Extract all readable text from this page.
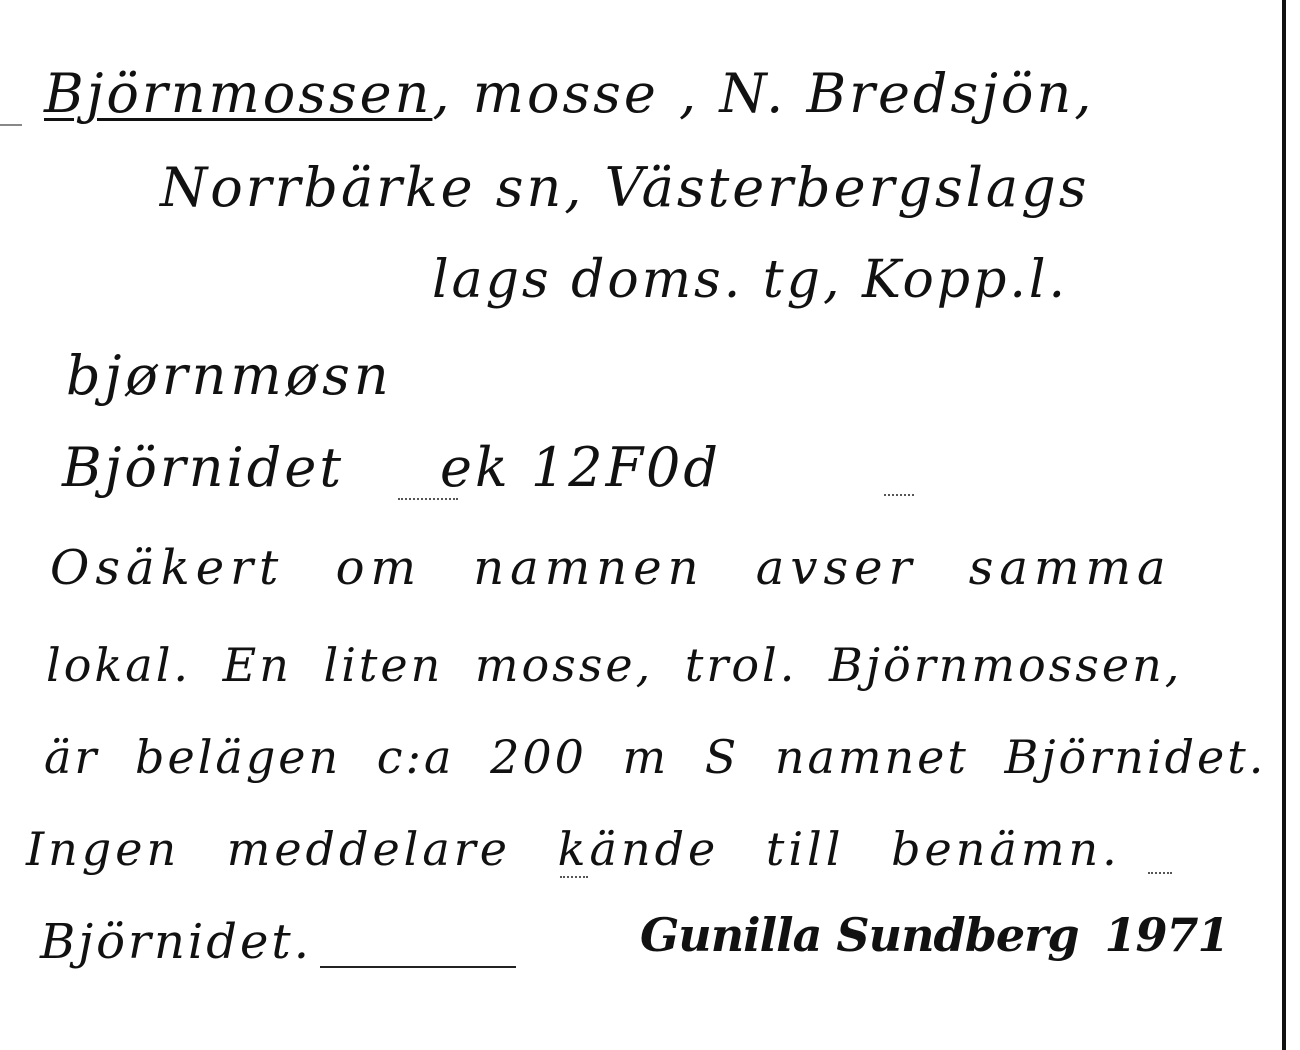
Björnmossen, mosse , N. Bredsjön,
Norrbärke sn, Västerbergslags
lags doms. tg, Kopp.l.
bjørnmøsn
Björnidet ek 12F0d
Osäkert om namnen avser samma
lokal. En liten mosse, trol. Björnmossen,
är belägen c:a 200 m S namnet Björnidet.
Ingen meddelare kände till benämn.
Björnidet.	Gunilla Sundberg 1971
